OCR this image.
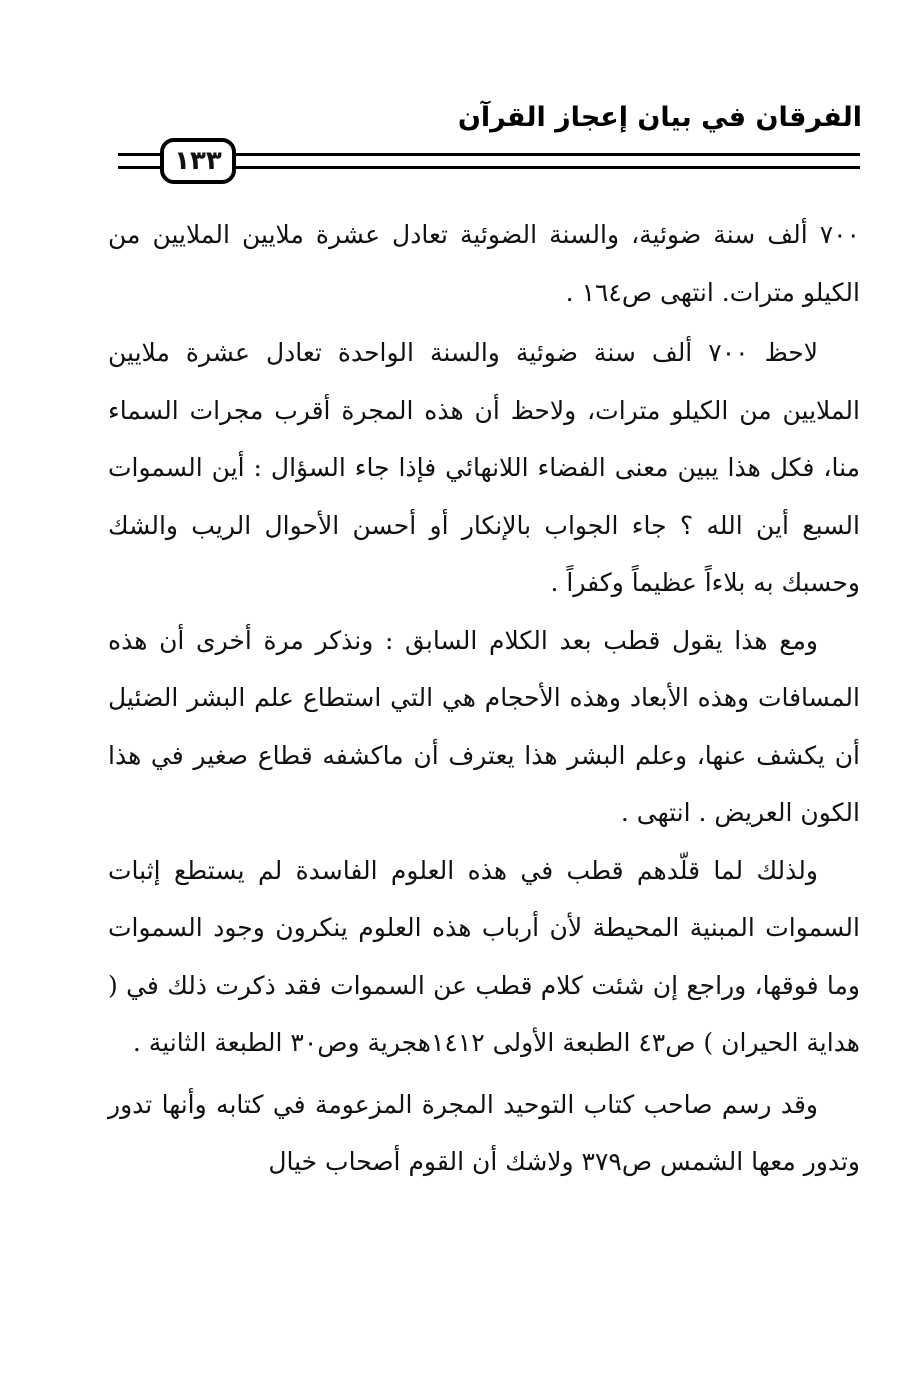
الفرقان في بيان إعجاز القرآن
١٣٣

٧٠٠ ألف سنة ضوئية، والسنة الضوئية تعادل عشرة ملايين الملايين من الكيلو مترات. انتهى ص١٦٤ .

لاحظ ٧٠٠ ألف سنة ضوئية والسنة الواحدة تعادل عشرة ملايين الملايين من الكيلو مترات، ولاحظ أن هذه المجرة أقرب مجرات السماء منا، فكل هذا يبين معنى الفضاء اللانهائي فإذا جاء السؤال : أين السموات السبع أين الله ؟ جاء الجواب بالإنكار أو أحسن الأحوال الريب والشك وحسبك به بلاءاً عظيماً وكفراً .

ومع هذا يقول قطب بعد الكلام السابق : ونذكر مرة أخرى أن هذه المسافات وهذه الأبعاد وهذه الأحجام هي التي استطاع علم البشر الضئيل أن يكشف عنها، وعلم البشر هذا يعترف أن ماكشفه قطاع صغير في هذا الكون العريض . انتهى .

ولذلك لما قلّدهم قطب في هذه العلوم الفاسدة لم يستطع إثبات السموات المبنية المحيطة لأن أرباب هذه العلوم ينكرون وجود السموات وما فوقها، وراجع إن شئت كلام قطب عن السموات فقد ذكرت ذلك في ( هداية الحيران ) ص٤٣ الطبعة الأولى ١٤١٢هجرية وص٣٠ الطبعة الثانية .

وقد رسم صاحب كتاب التوحيد المجرة المزعومة في كتابه وأنها تدور وتدور معها الشمس ص٣٧٩ ولاشك أن القوم أصحاب خيال
